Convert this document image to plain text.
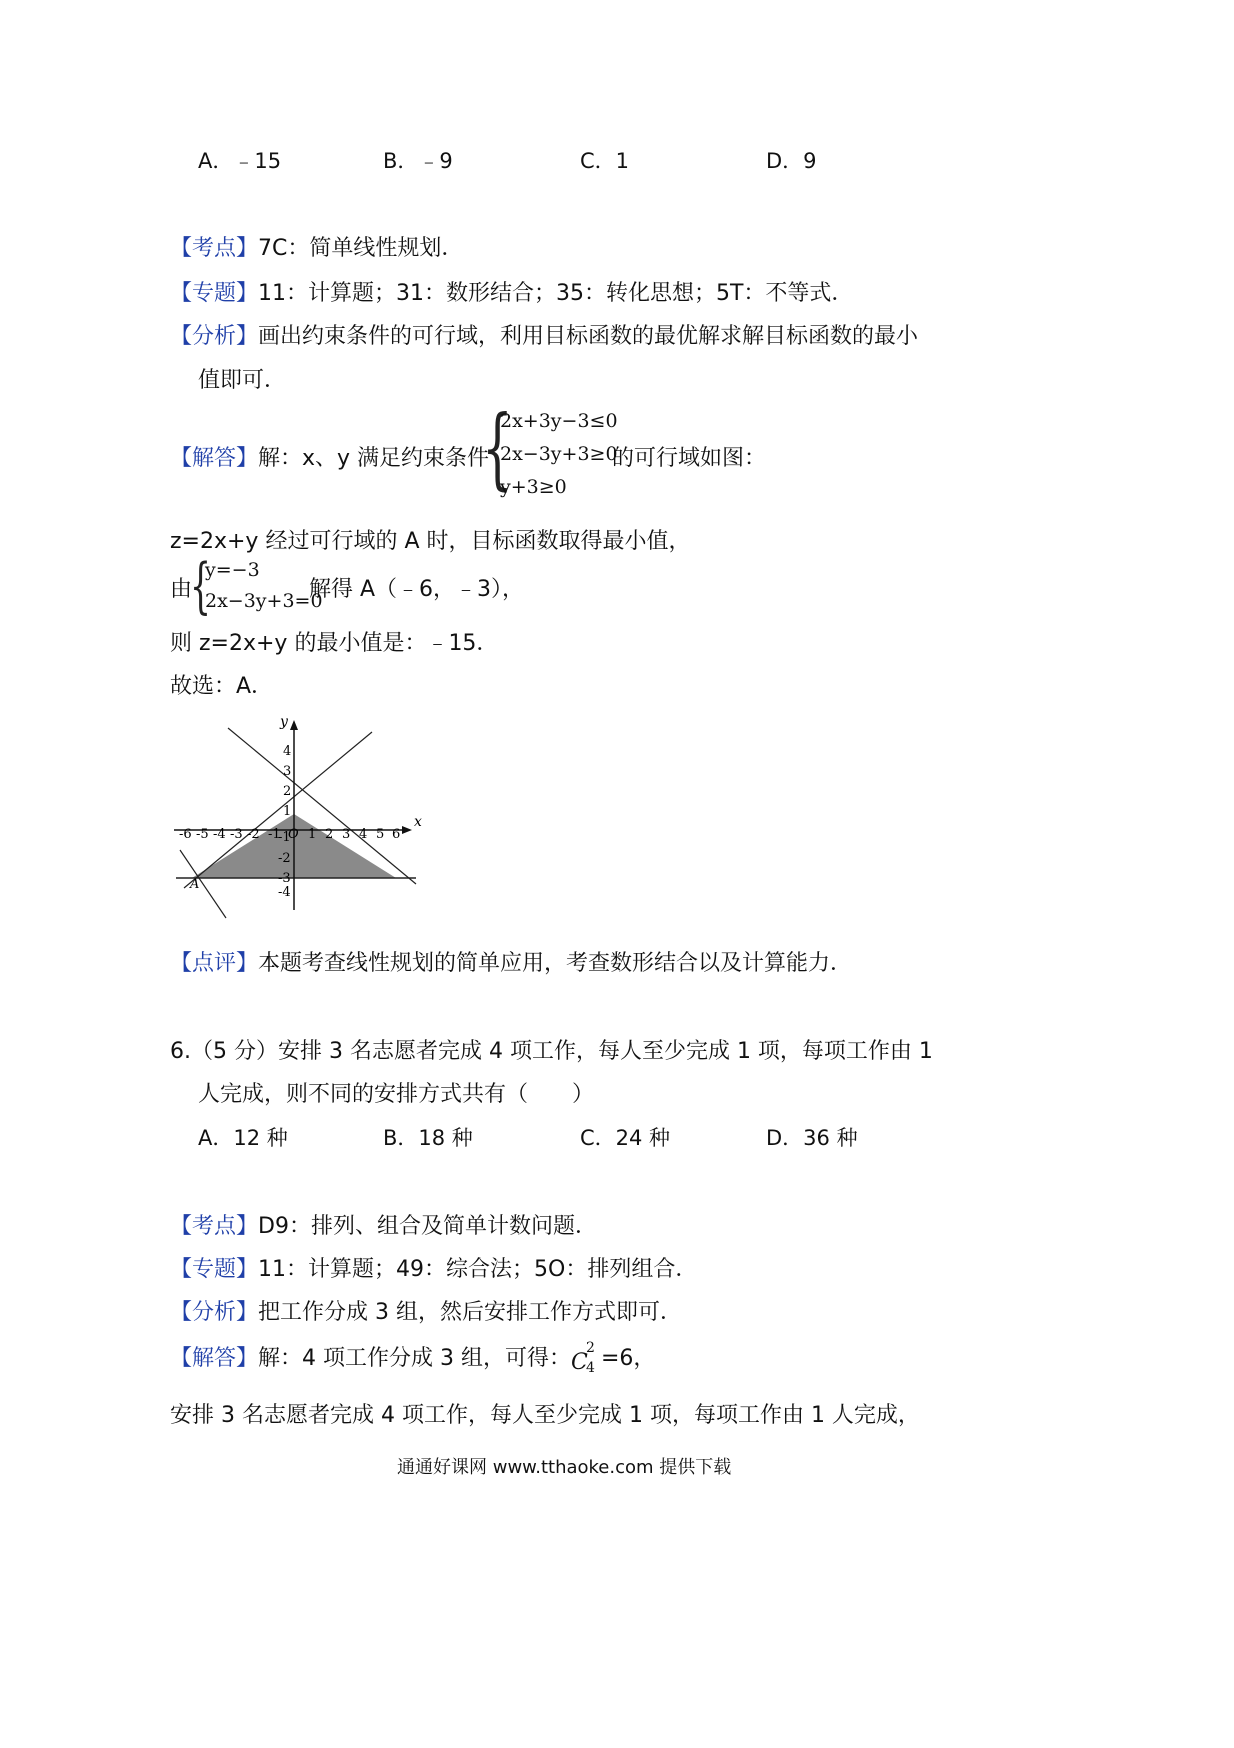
A．﹣15	B．﹣9	C．1	D．9
【考点】7C：简单线性规划．
【专题】11：计算题；31：数形结合；35：转化思想；5T：不等式．
【分析】画出约束条件的可行域，利用目标函数的最优解求解目标函数的最小
值即可．
【解答】解：x、y 满足约束条件
{
2x+3y−3≤0
2x−3y+3≥0
y+3≥0
的可行域如图：
z=2x+y 经过可行域的 A 时，目标函数取得最小值，
由
{
y=−3
2x−3y+3=0
解得 A（﹣6，﹣3），
则 z=2x+y 的最小值是：﹣15．
故选：A．
x
y
-6 -5 -4 -3 -2 -1 O 1 2 3 4 5 6
4
3
2
1
-1
-2
-3
-4
A
【点评】本题考查线性规划的简单应用，考查数形结合以及计算能力．
6.（5 分）安排 3 名志愿者完成 4 项工作，每人至少完成 1 项，每项工作由 1
人完成，则不同的安排方式共有（　　）
A．12 种	B．18 种	C．24 种	D．36 种
【考点】D9：排列、组合及简单计数问题．
【专题】11：计算题；49：综合法；5O：排列组合．
【分析】把工作分成 3 组，然后安排工作方式即可．
【解答】解：4 项工作分成 3 组，可得：C
2
4 =6，
安排 3 名志愿者完成 4 项工作，每人至少完成 1 项，每项工作由 1 人完成，
通通好课网 www.tthaoke.com 提供下载
